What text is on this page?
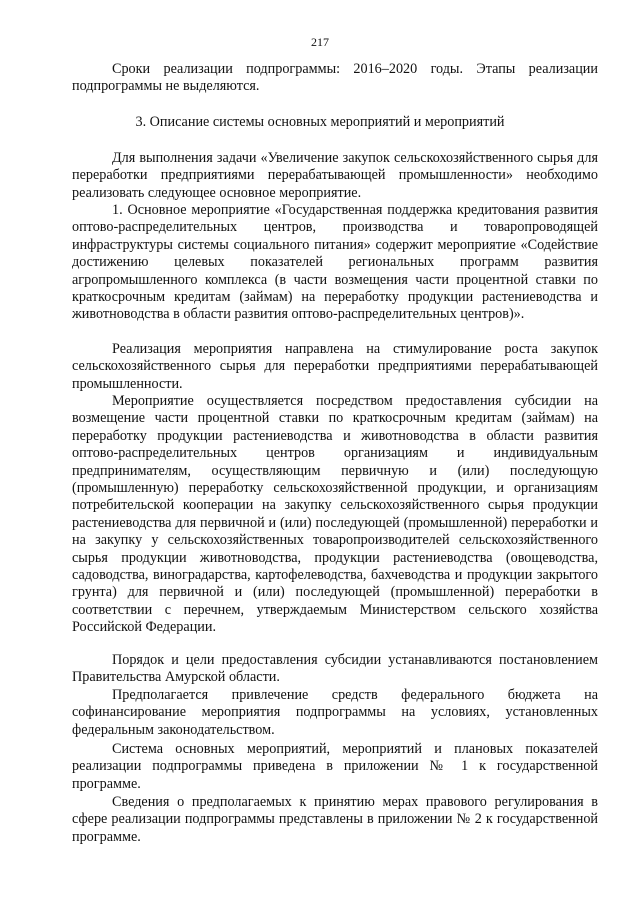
217

Сроки реализации подпрограммы: 2016–2020 годы. Этапы реализации подпрограммы не выделяются.

3. Описание системы основных мероприятий и мероприятий

Для выполнения задачи «Увеличение закупок сельскохозяйственного сырья для переработки предприятиями перерабатывающей промышленности» необходимо реализовать следующее основное мероприятие.

1. Основное мероприятие «Государственная поддержка кредитования развития оптово-распределительных центров, производства и товаропроводящей инфраструктуры системы социального питания» содержит мероприятие «Содействие достижению целевых показателей региональных программ развития агропромышленного комплекса (в части возмещения части процентной ставки по краткосрочным кредитам (займам) на переработку продукции растениеводства и животноводства в области развития оптово-распределительных центров)».

Реализация мероприятия направлена на стимулирование роста закупок сельскохозяйственного сырья для переработки предприятиями перерабатывающей промышленности.

Мероприятие осуществляется посредством предоставления субсидии на возмещение части процентной ставки по краткосрочным кредитам (займам) на переработку продукции растениеводства и животноводства в области развития оптово-распределительных центров организациям и индивидуальным предпринимателям, осуществляющим первичную и (или) последующую (промышленную) переработку сельскохозяйственной продукции, и организациям потребительской кооперации на закупку сельскохозяйственного сырья продукции растениеводства для первичной и (или) последующей (промышленной) переработки и на закупку у сельскохозяйственных товаропроизводителей сельскохозяйственного сырья продукции животноводства, продукции растениеводства (овощеводства, садоводства, виноградарства, картофелеводства, бахчеводства и продукции закрытого грунта) для первичной и (или) последующей (промышленной) переработки в соответствии с перечнем, утверждаемым Министерством сельского хозяйства Российской Федерации.

Порядок и цели предоставления субсидии устанавливаются постановлением Правительства Амурской области.

Предполагается привлечение средств федерального бюджета на софинансирование мероприятия подпрограммы на условиях, установленных федеральным законодательством.

Система основных мероприятий, мероприятий и плановых показателей реализации подпрограммы приведена в приложении № 1 к государственной программе.

Сведения о предполагаемых к принятию мерах правового регулирования в сфере реализации подпрограммы представлены в приложении № 2 к государственной программе.
